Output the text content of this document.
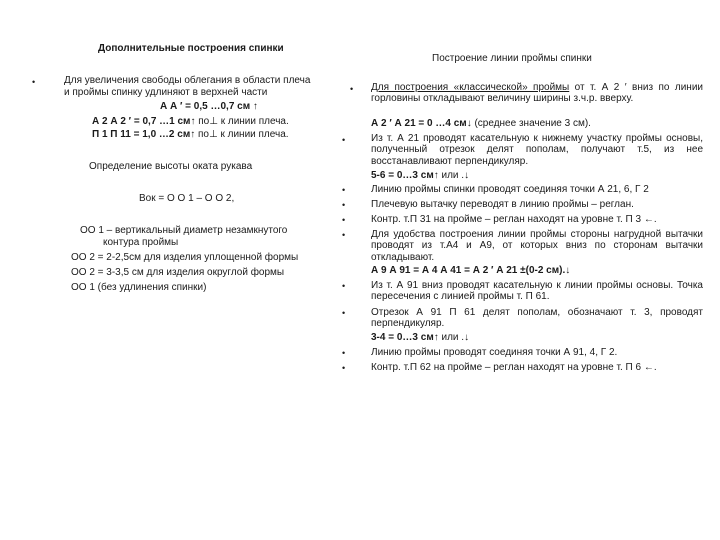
Дополнительные построения спинки
•	Для увеличения свободы облегания в области плеча
и проймы спинку удлиняют в верхней части
А А ′ = 0,5 …0,7 см ↑
А 2 А 2 ′ = 0,7 …1 см↑ по⊥ к линии плеча.
П 1 П 11 = 1,0 …2 см↑ по⊥ к линии плеча.
Определение высоты оката рукава
Вок = О О 1 – О О 2,
ОО 1 – вертикальный диаметр незамкнутого
контура проймы
ОО 2 = 2-2,5см для изделия уплощенной формы
ОО 2 = 3-3,5 см для изделия округлой формы
ОО 1 (без удлинения спинки)
Построение линии проймы спинки
•
•
•
•
•
•
•
•
•
•
Для построения «классической» проймы от т. А 2 ′ вниз по линии горловины откладывают величину ширины з.ч.р. вверху.
А 2 ′ А 21 = 0 …4 см↓ (среднее значение 3 см).
Из т. А 21 проводят касательную к нижнему участку проймы основы, полученный отрезок делят пополам, получают т.5, из нее восстанавливают перпендикуляр.
5-6 = 0…3 см↑ или .↓
Линию проймы спинки проводят соединяя точки А 21, 6, Г 2
Плечевую вытачку переводят в линию проймы – реглан.
Контр. т.П 31 на пройме – реглан находят на уровне т. П 3 ←.
Для удобства построения линии проймы стороны нагрудной вытачки проводят из т.А4 и А9, от которых вниз по сторонам вытачки откладывают.
А 9 А 91 = А 4 А 41 = А 2 ′ А 21 ±(0-2 см).↓
Из т. А 91 вниз проводят касательную к линии проймы основы. Точка пересечения с линией проймы т. П 61.
Отрезок А 91 П 61 делят пополам, обозначают т. 3, проводят перпендикуляр.
3-4 = 0…3 см↑ или .↓
Линию проймы проводят соединяя точки А 91, 4, Г 2.
Контр. т.П 62 на пройме – реглан находят на уровне т. П 6 ←.
